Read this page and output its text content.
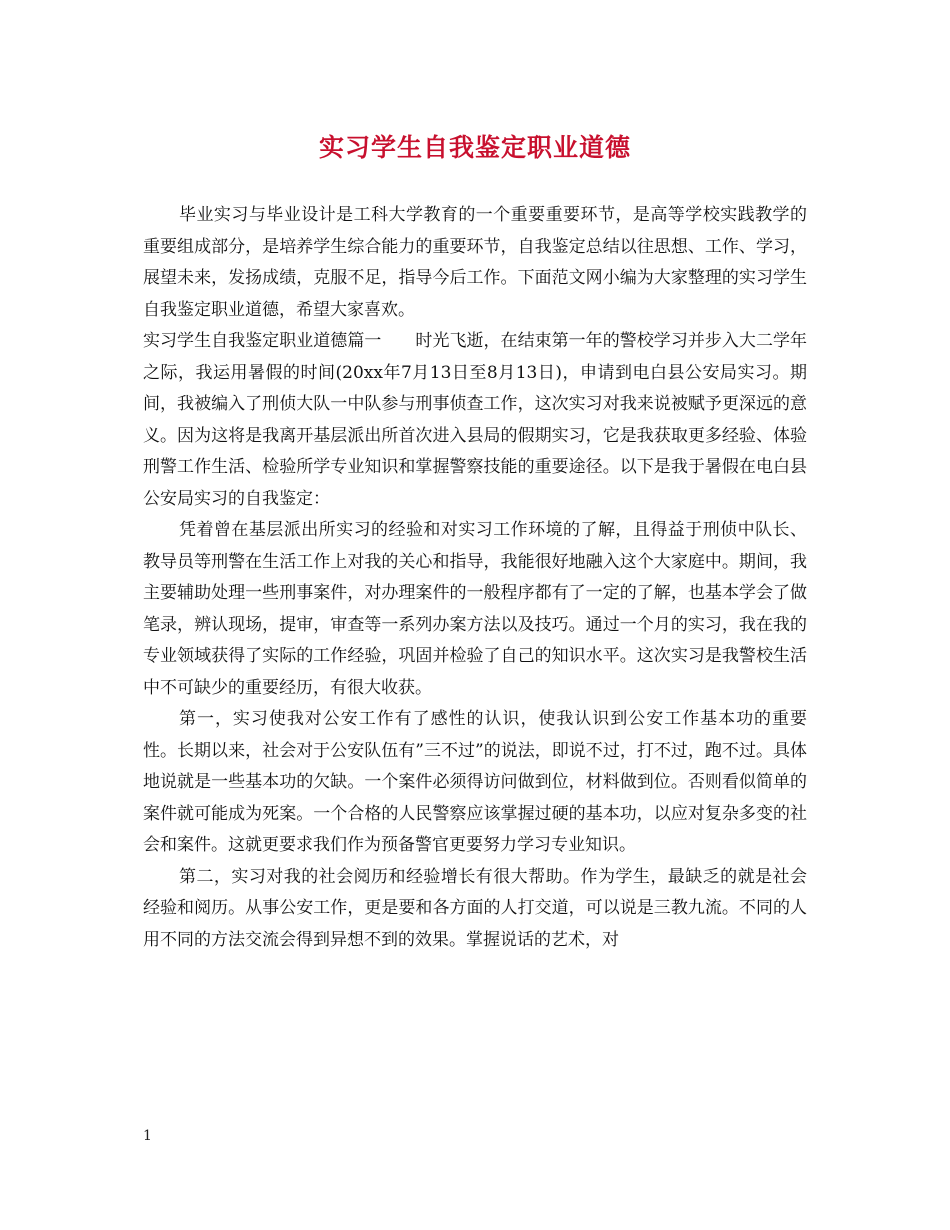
实习学生自我鉴定职业道德

毕业实习与毕业设计是工科大学教育的一个重要重要环节，是高等学校实践教学的重要组成部分，是培养学生综合能力的重要环节，自我鉴定总结以往思想、工作、学习，展望未来，发扬成绩，克服不足，指导今后工作。下面范文网小编为大家整理的实习学生自我鉴定职业道德，希望大家喜欢。

实习学生自我鉴定职业道德篇一　　时光飞逝，在结束第一年的警校学习并步入大二学年之际，我运用暑假的时间(20xx年7月13日至8月13日)，申请到电白县公安局实习。期间，我被编入了刑侦大队一中队参与刑事侦查工作，这次实习对我来说被赋予更深远的意义。因为这将是我离开基层派出所首次进入县局的假期实习，它是我获取更多经验、体验刑警工作生活、检验所学专业知识和掌握警察技能的重要途径。以下是我于暑假在电白县公安局实习的自我鉴定：

凭着曾在基层派出所实习的经验和对实习工作环境的了解，且得益于刑侦中队长、教导员等刑警在生活工作上对我的关心和指导，我能很好地融入这个大家庭中。期间，我主要辅助处理一些刑事案件，对办理案件的一般程序都有了一定的了解，也基本学会了做笔录，辨认现场，提审，审查等一系列办案方法以及技巧。通过一个月的实习，我在我的专业领域获得了实际的工作经验，巩固并检验了自己的知识水平。这次实习是我警校生活中不可缺少的重要经历，有很大收获。

第一，实习使我对公安工作有了感性的认识，使我认识到公安工作基本功的重要性。长期以来，社会对于公安队伍有”三不过”的说法，即说不过，打不过，跑不过。具体地说就是一些基本功的欠缺。一个案件必须得访问做到位，材料做到位。否则看似简单的案件就可能成为死案。一个合格的人民警察应该掌握过硬的基本功，以应对复杂多变的社会和案件。这就更要求我们作为预备警官更要努力学习专业知识。

第二，实习对我的社会阅历和经验增长有很大帮助。作为学生，最缺乏的就是社会经验和阅历。从事公安工作，更是要和各方面的人打交道，可以说是三教九流。不同的人用不同的方法交流会得到异想不到的效果。掌握说话的艺术，对

1
